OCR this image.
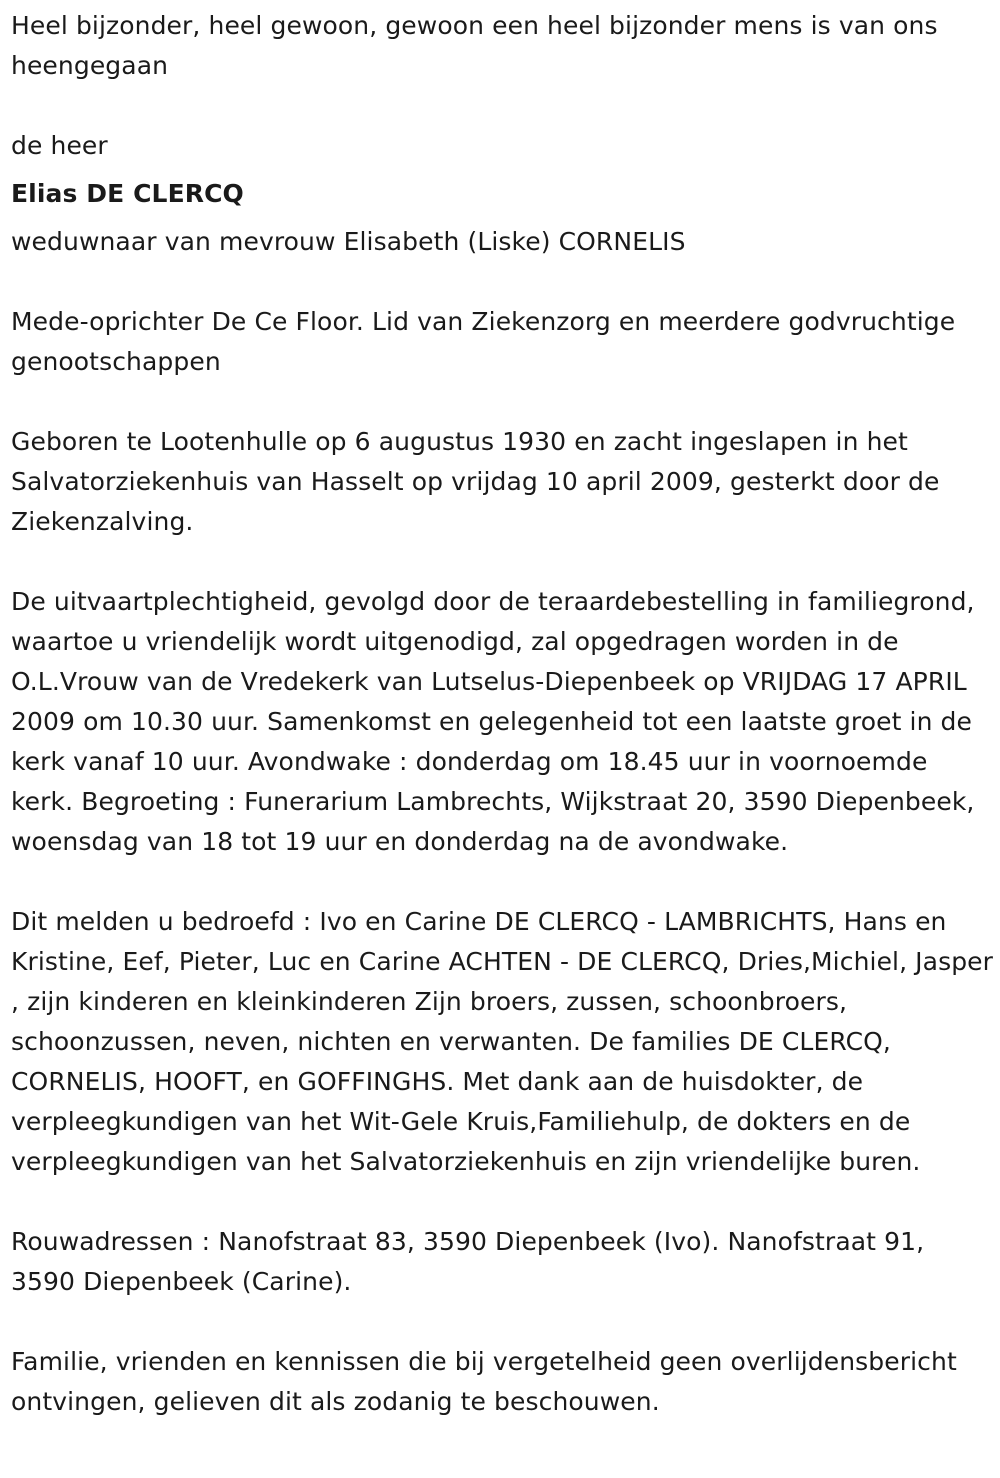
Heel bijzonder, heel gewoon, gewoon een heel bijzonder mens is van ons heengegaan

de heer

Elias DE CLERCQ

weduwnaar van mevrouw Elisabeth (Liske) CORNELIS

Mede-oprichter De Ce Floor. Lid van Ziekenzorg en meerdere godvruchtige genootschappen

Geboren te Lootenhulle op 6 augustus 1930 en zacht ingeslapen in het Salvatorziekenhuis van Hasselt op vrijdag 10 april 2009, gesterkt door de Ziekenzalving.

De uitvaartplechtigheid, gevolgd door de teraardebestelling in familiegrond, waartoe u vriendelijk wordt uitgenodigd, zal opgedragen worden in de O.L.Vrouw van de Vredekerk van Lutselus-Diepenbeek op VRIJDAG 17 APRIL 2009 om 10.30 uur. Samenkomst en gelegenheid tot een laatste groet in de kerk vanaf 10 uur. Avondwake : donderdag om 18.45 uur in voornoemde kerk. Begroeting : Funerarium Lambrechts, Wijkstraat 20, 3590 Diepenbeek, woensdag van 18 tot 19 uur en donderdag na de avondwake.

Dit melden u bedroefd : Ivo en Carine DE CLERCQ - LAMBRICHTS, Hans en Kristine, Eef, Pieter, Luc en Carine ACHTEN - DE CLERCQ, Dries,Michiel, Jasper , zijn kinderen en kleinkinderen Zijn broers, zussen, schoonbroers, schoonzussen, neven, nichten en verwanten. De families DE CLERCQ, CORNELIS, HOOFT, en GOFFINGHS. Met dank aan de huisdokter, de verpleegkundigen van het Wit-Gele Kruis,Familiehulp, de dokters en de verpleegkundigen van het Salvatorziekenhuis en zijn vriendelijke buren.

Rouwadressen : Nanofstraat 83, 3590 Diepenbeek (Ivo). Nanofstraat 91, 3590 Diepenbeek (Carine).

Familie, vrienden en kennissen die bij vergetelheid geen overlijdensbericht ontvingen, gelieven dit als zodanig te beschouwen.
